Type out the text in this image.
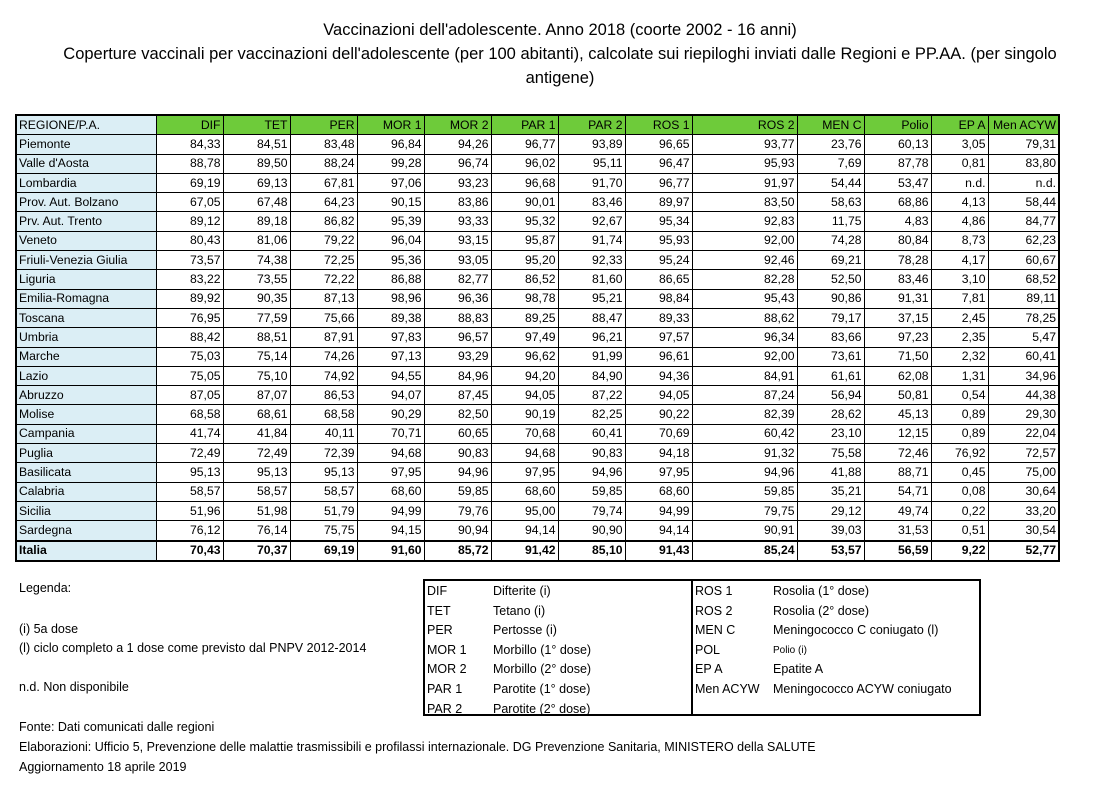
Vaccinazioni dell'adolescente. Anno 2018 (coorte 2002 - 16 anni)
Coperture vaccinali per vaccinazioni dell'adolescente (per 100 abitanti), calcolate sui riepiloghi inviati dalle Regioni e PP.AA. (per singolo
antigene)
REGIONE/P.A.	DIF	TET	PER	MOR 1	MOR 2	PAR 1	PAR 2	ROS 1	ROS 2	MEN C	Polio	EP A	Men ACYW
Piemonte	84,33	84,51	83,48	96,84	94,26	96,77	93,89	96,65	93,77	23,76	60,13	3,05	79,31
Valle d'Aosta	88,78	89,50	88,24	99,28	96,74	96,02	95,11	96,47	95,93	7,69	87,78	0,81	83,80
Lombardia	69,19	69,13	67,81	97,06	93,23	96,68	91,70	96,77	91,97	54,44	53,47	n.d.	n.d.
Prov. Aut. Bolzano	67,05	67,48	64,23	90,15	83,86	90,01	83,46	89,97	83,50	58,63	68,86	4,13	58,44
Prv. Aut. Trento	89,12	89,18	86,82	95,39	93,33	95,32	92,67	95,34	92,83	11,75	4,83	4,86	84,77
Veneto	80,43	81,06	79,22	96,04	93,15	95,87	91,74	95,93	92,00	74,28	80,84	8,73	62,23
Friuli-Venezia Giulia	73,57	74,38	72,25	95,36	93,05	95,20	92,33	95,24	92,46	69,21	78,28	4,17	60,67
Liguria	83,22	73,55	72,22	86,88	82,77	86,52	81,60	86,65	82,28	52,50	83,46	3,10	68,52
Emilia-Romagna	89,92	90,35	87,13	98,96	96,36	98,78	95,21	98,84	95,43	90,86	91,31	7,81	89,11
Toscana	76,95	77,59	75,66	89,38	88,83	89,25	88,47	89,33	88,62	79,17	37,15	2,45	78,25
Umbria	88,42	88,51	87,91	97,83	96,57	97,49	96,21	97,57	96,34	83,66	97,23	2,35	5,47
Marche	75,03	75,14	74,26	97,13	93,29	96,62	91,99	96,61	92,00	73,61	71,50	2,32	60,41
Lazio	75,05	75,10	74,92	94,55	84,96	94,20	84,90	94,36	84,91	61,61	62,08	1,31	34,96
Abruzzo	87,05	87,07	86,53	94,07	87,45	94,05	87,22	94,05	87,24	56,94	50,81	0,54	44,38
Molise	68,58	68,61	68,58	90,29	82,50	90,19	82,25	90,22	82,39	28,62	45,13	0,89	29,30
Campania	41,74	41,84	40,11	70,71	60,65	70,68	60,41	70,69	60,42	23,10	12,15	0,89	22,04
Puglia	72,49	72,49	72,39	94,68	90,83	94,68	90,83	94,18	91,32	75,58	72,46	76,92	72,57
Basilicata	95,13	95,13	95,13	97,95	94,96	97,95	94,96	97,95	94,96	41,88	88,71	0,45	75,00
Calabria	58,57	58,57	58,57	68,60	59,85	68,60	59,85	68,60	59,85	35,21	54,71	0,08	30,64
Sicilia	51,96	51,98	51,79	94,99	79,76	95,00	79,74	94,99	79,75	29,12	49,74	0,22	33,20
Sardegna	76,12	76,14	75,75	94,15	90,94	94,14	90,90	94,14	90,91	39,03	31,53	0,51	30,54
Italia	70,43	70,37	69,19	91,60	85,72	91,42	85,10	91,43	85,24	53,57	56,59	9,22	52,77
Legenda:
(i) 5a dose
(l) ciclo completo a 1 dose come previsto dal PNPV 2012-2014
n.d. Non disponibile
DIF	Difterite (i)
TET	Tetano (i)
PER	Pertosse (i)
MOR 1 Morbillo (1° dose)
MOR 2 Morbillo (2° dose)
PAR 1 Parotite (1° dose)
PAR 2 Parotite (2° dose)
ROS 1	Rosolia (1° dose)
ROS 2	Rosolia (2° dose)
MEN C	Meningococco C coniugato (l)
POL	Polio (i)
EP A	Epatite A
Men ACYW Meningococco ACYW coniugato
Fonte: Dati comunicati dalle regioni
Elaborazioni: Ufficio 5, Prevenzione delle malattie trasmissibili e profilassi internazionale. DG Prevenzione Sanitaria, MINISTERO della SALUTE
Aggiornamento 18 aprile 2019
